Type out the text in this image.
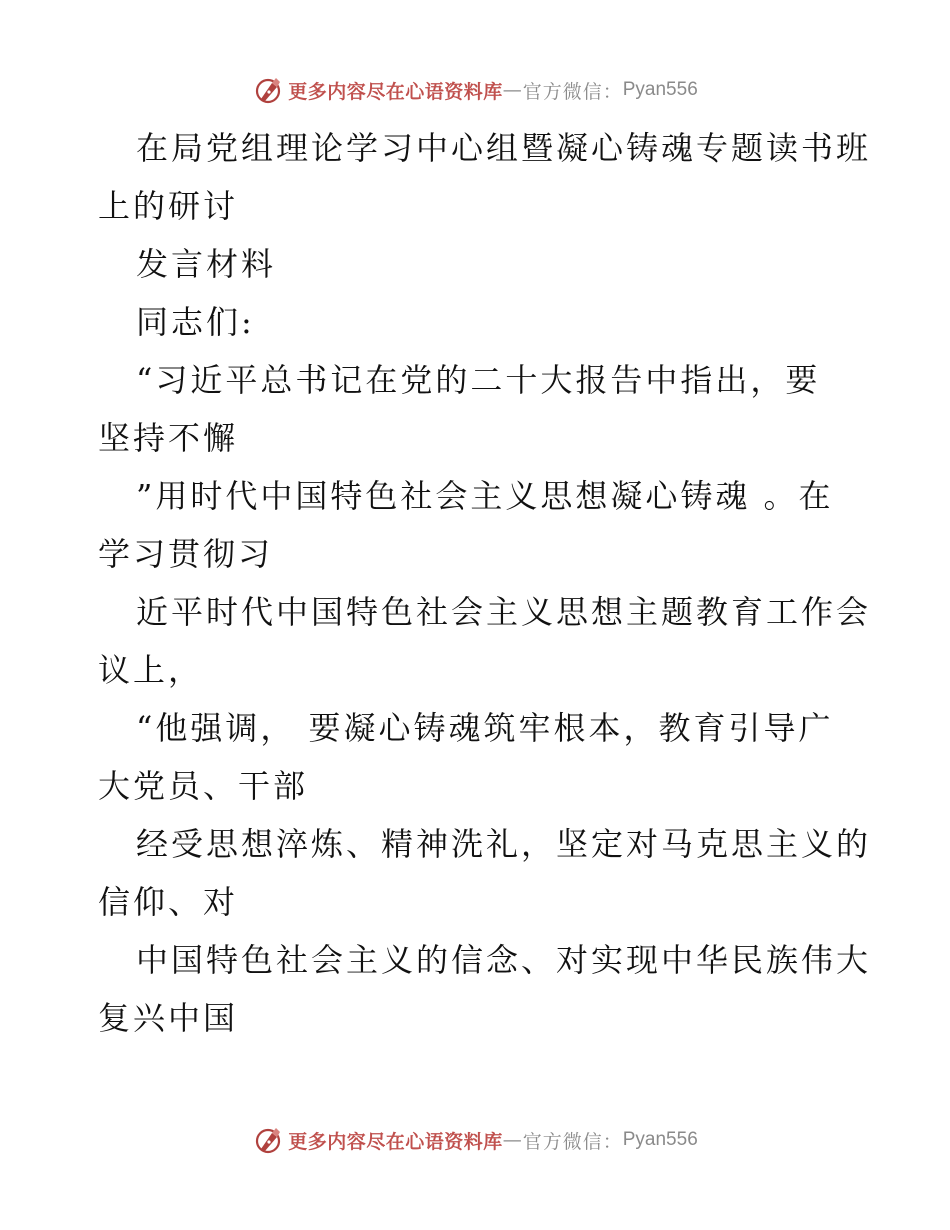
更多内容尽在心语资料库 — 官方微信： Pyan556
在局党组理论学习中心组暨凝心铸魂专题读书班
上的研讨
发言材料
同志们:
“习近平总书记在党的二十大报告中指出，要
坚持不懈
”用时代中国特色社会主义思想凝心铸魂 。在
学习贯彻习
近平时代中国特色社会主义思想主题教育工作会
议上，
“他强调， 要凝心铸魂筑牢根本，教育引导广
大党员、干部
经受思想淬炼、精神洗礼，坚定对马克思主义的
信仰、对
中国特色社会主义的信念、对实现中华民族伟大
复兴中国
更多内容尽在心语资料库 — 官方微信： Pyan556
